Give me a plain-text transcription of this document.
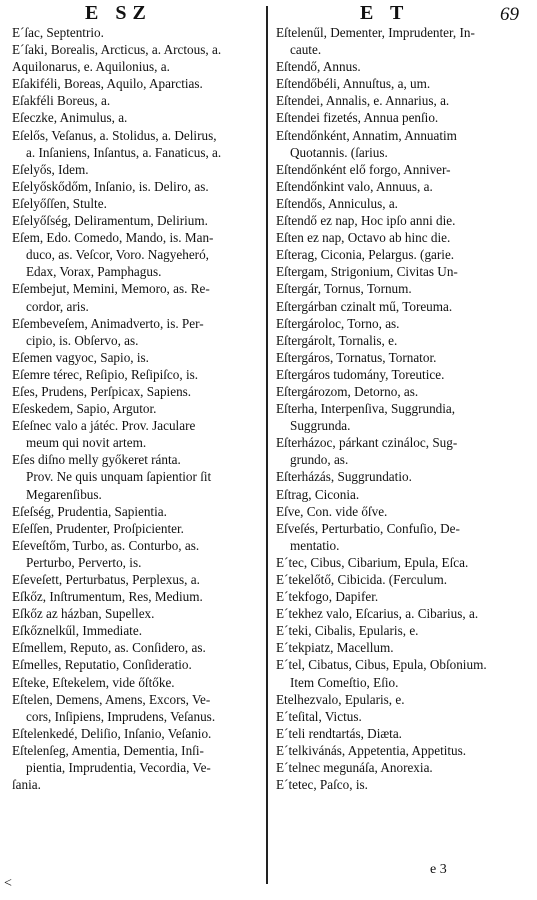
E SZ	E T	69
E´ſac, Septentrio.
E´ſaki, Borealis, Arcticus, a. Arctous, a.
Aquilonarus, e. Aquilonius, a.
Eſakiféli, Boreas, Aquilo, Aparctias.
Eſakféli Boreus, a.
Eſeczke, Animulus, a.
Eſelős, Veſanus, a. Stolidus, a. Delirus,
a. Inſaniens, Inſantus, a. Fanaticus, a.
Eſelyős, Idem.
Eſelyőskődőm, Inſanio, is. Deliro, as.
Eſelyőſſen, Stulte.
Eſelyőſség, Deliramentum, Delirium.
Eſem, Edo. Comedo, Mando, is. Man-
duco, as. Veſcor, Voro. Nagyeheró,
Edax, Vorax, Pamphagus.
Eſembejut, Memini, Memoro, as. Re-
cordor, aris.
Eſembeveſem, Animadverto, is. Per-
cipio, is. Obſervo, as.
Eſemen vagyoc, Sapio, is.
Eſemre térec, Reſipio, Reſipiſco, is.
Eſes, Prudens, Perſpicax, Sapiens.
Eſeskedem, Sapio, Argutor.
Eſeſnec valo a játéc. Prov. Jaculare
meum qui novit artem.
Eſes diſno melly győkeret ránta.
Prov. Ne quis unquam ſapientior ſit
Megarenſibus.
Eſeſség, Prudentia, Sapientia.
Eſeſſen, Prudenter, Proſpicienter.
Eſeveſtőm, Turbo, as. Conturbo, as.
Perturbo, Perverto, is.
Eſeveſett, Perturbatus, Perplexus, a.
Eſkőz, Inſtrumentum, Res, Medium.
Eſkőz az házban, Supellex.
Eſkőznelkűl, Immediate.
Eſmellem, Reputo, as. Conſidero, as.
Eſmelles, Reputatio, Conſideratio.
Eſteke, Eſtekelem, vide őſtőke.
Eſtelen, Demens, Amens, Excors, Ve-
cors, Inſipiens, Imprudens, Veſanus.
Eſtelenkedé, Deliſio, Inſanio, Veſanio.
Eſtelenſeg, Amentia, Dementia, Inſi-
pientia, Imprudentia, Vecordia, Ve-
ſania.
Eſtelenűl, Dementer, Imprudenter, In-
caute.
Eſtendő, Annus.
Eſtendőbéli, Annuſtus, a, um.
Eſtendei, Annalis, e. Annarius, a.
Eſtendei fizetés, Annua penſio.
Eſtendőnként, Annatim, Annuatim
Quotannis. (ſarius.
Eſtendőnként elő forgo, Anniver-
Eſtendőnkint valo, Annuus, a.
Eſtendős, Anniculus, a.
Eſtendő ez nap, Hoc ipſo anni die.
Eſten ez nap, Octavo ab hinc die.
Eſterag, Ciconia, Pelargus. (garie.
Eſtergam, Strigonium, Civitas Un-
Eſtergár, Tornus, Tornum.
Eſtergárban czinalt mű, Toreuma.
Eſtergároloc, Torno, as.
Eſtergárolt, Tornalis, e.
Eſtergáros, Tornatus, Tornator.
Eſtergáros tudomány, Toreutice.
Eſtergározom, Detorno, as.
Eſterha, Interpenſiva, Suggrundia,
Suggrunda.
Eſterházoc, párkant czináloc, Sug-
grundo, as.
Eſterházás, Suggrundatio.
Eſtrag, Ciconia.
Eſve, Con. vide őſve.
Eſveſés, Perturbatio, Confuſio, De-
mentatio.
E´tec, Cibus, Cibarium, Epula, Eſca.
E´tekelőtő, Cibicida. (Ferculum.
E´tekfogo, Dapifer.
E´tekhez valo, Eſcarius, a. Cibarius, a.
E´teki, Cibalis, Epularis, e.
E´tekpiatz, Macellum.
E´tel, Cibatus, Cibus, Epula, Obſonium.
Item Comeſtio, Eſio.
Etelhezvalo, Epularis, e.
E´teſital, Victus.
E´teli rendtartás, Diæta.
E´telkivánás, Appetentia, Appetitus.
E´telnec megunáſa, Anorexia.
E´tetec, Paſco, is.
e 3
<
